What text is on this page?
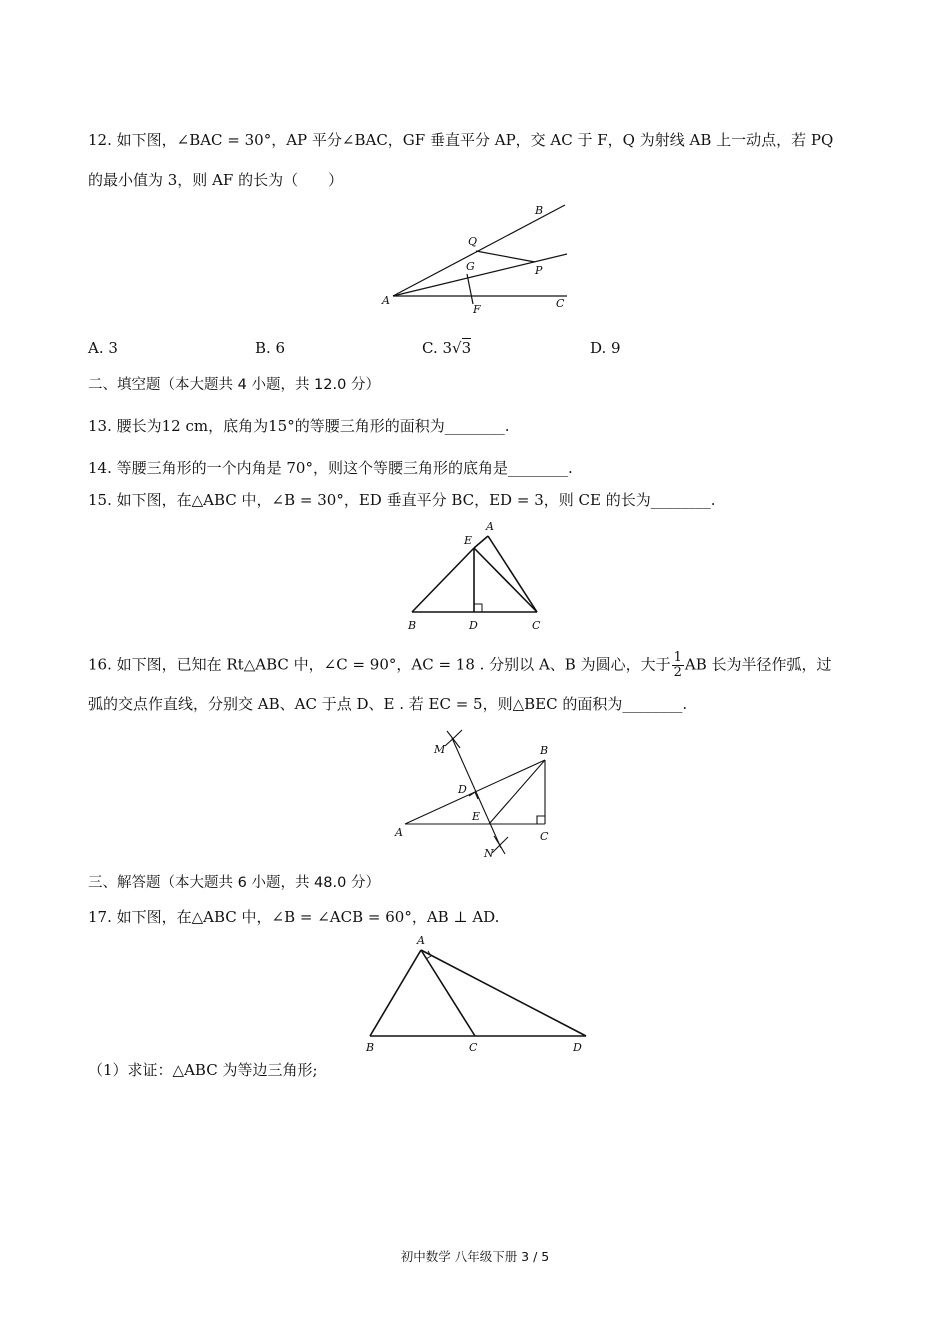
12. 如下图，∠BAC = 30°，AP 平分∠BAC，GF 垂直平分 AP，交 AC 于 F，Q 为射线 AB 上一动点，若 PQ
的最小值为 3，则 AF 的长为（　　）
B
Q
G	P
A	C
F
A. 3	B. 6	C. 3√3	D. 9
二、填空题（本大题共 4 小题，共 12.0 分）
13. 腰长为12 cm，底角为15°的等腰三角形的面积为________.
14. 等腰三角形的一个内角是 70°，则这个等腰三角形的底角是________.
15. 如下图，在△ABC 中，∠B = 30°，ED 垂直平分 BC，ED = 3，则 CE 的长为________.
A
E
B	D	C
16. 如下图，已知在 Rt△ABC 中，∠C = 90°，AC = 18 . 分别以 A、B 为圆心，大于 $\frac{1}{2}$ AB 长为半径作弧，过
弧的交点作直线，分别交 AB、AC 于点 D、E . 若 EC = 5，则△BEC 的面积为________.
M	B
D
E
A	C
N
三、解答题（本大题共 6 小题，共 48.0 分）
17. 如下图，在△ABC 中，∠B = ∠ACB = 60°，AB ⊥ AD.
A
B	C	D
（1）求证：△ABC 为等边三角形;
初中数学 八年级下册 3 / 5
